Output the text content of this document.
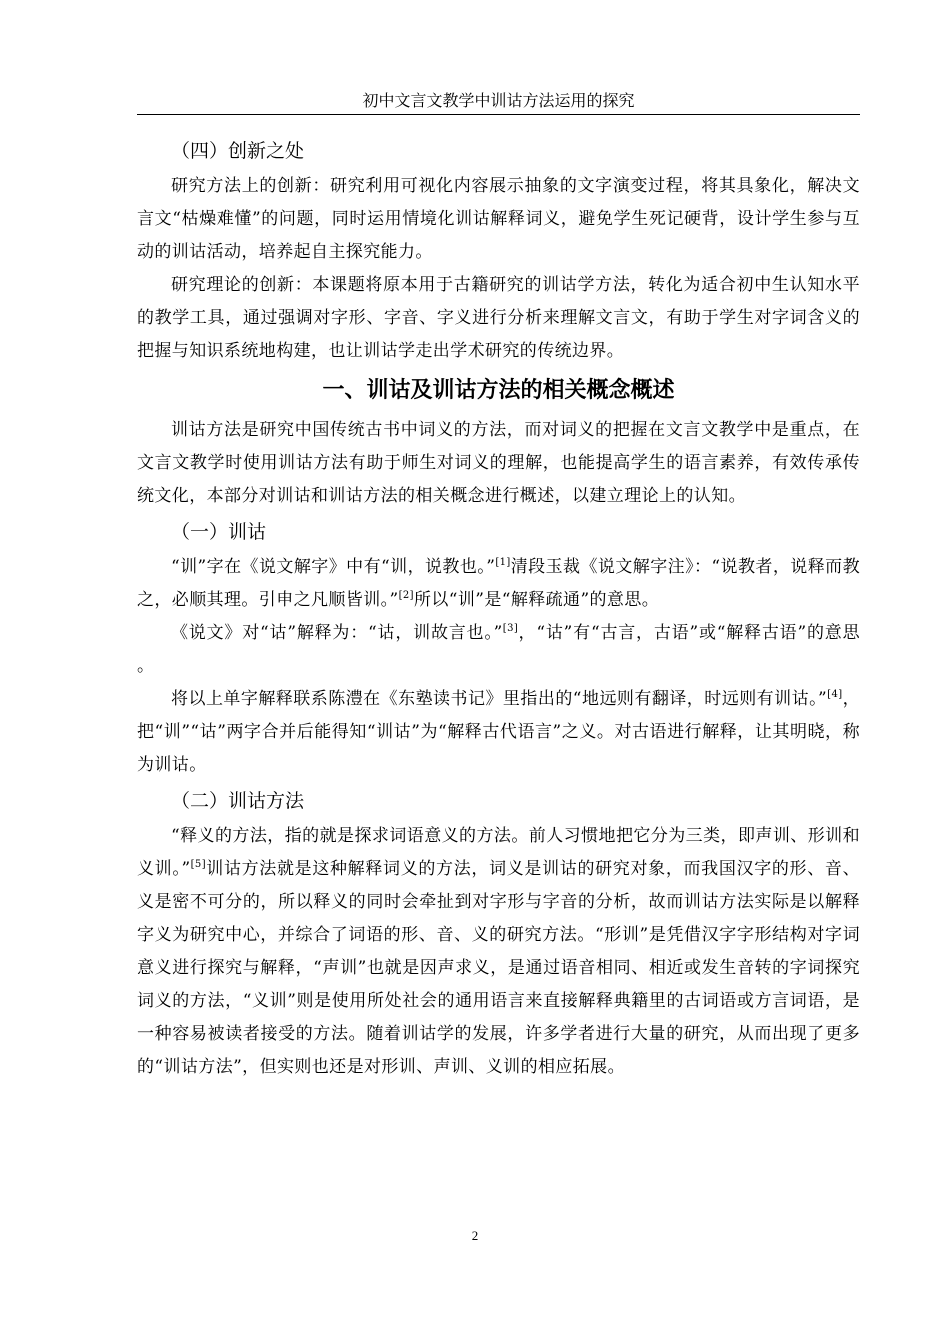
初中文言文教学中训诂方法运用的探究

（四）创新之处

研究方法上的创新：研究利用可视化内容展示抽象的文字演变过程，将其具象化，解决文言文“枯燥难懂”的问题，同时运用情境化训诂解释词义，避免学生死记硬背，设计学生参与互动的训诂活动，培养起自主探究能力。

研究理论的创新：本课题将原本用于古籍研究的训诂学方法，转化为适合初中生认知水平的教学工具，通过强调对字形、字音、字义进行分析来理解文言文，有助于学生对字词含义的把握与知识系统地构建，也让训诂学走出学术研究的传统边界。

一、训诂及训诂方法的相关概念概述

训诂方法是研究中国传统古书中词义的方法，而对词义的把握在文言文教学中是重点，在文言文教学时使用训诂方法有助于师生对词义的理解，也能提高学生的语言素养，有效传承传统文化，本部分对训诂和训诂方法的相关概念进行概述，以建立理论上的认知。

（一）训诂

“训”字在《说文解字》中有“训，说教也。”[1]清段玉裁《说文解字注》：“说教者，说释而教之，必顺其理。引申之凡顺皆训。”[2]所以“训”是“解释疏通”的意思。

《说文》对“诂”解释为：“诂，训故言也。”[3]，“诂”有“古言，古语”或“解释古语”的意思 。

将以上单字解释联系陈澧在《东塾读书记》里指出的“地远则有翻译，时远则有训诂。”[4]，把“训”“诂”两字合并后能得知“训诂”为“解释古代语言”之义。对古语进行解释，让其明晓，称为训诂。

（二）训诂方法

“释义的方法，指的就是探求词语意义的方法。前人习惯地把它分为三类，即声训、形训和义训。”[5]训诂方法就是这种解释词义的方法，词义是训诂的研究对象，而我国汉字的形、音、义是密不可分的，所以释义的同时会牵扯到对字形与字音的分析，故而训诂方法实际是以解释字义为研究中心，并综合了词语的形、音、义的研究方法。“形训”是凭借汉字字形结构对字词意义进行探究与解释，“声训”也就是因声求义，是通过语音相同、相近或发生音转的字词探究词义的方法，“义训”则是使用所处社会的通用语言来直接解释典籍里的古词语或方言词语，是一种容易被读者接受的方法。随着训诂学的发展，许多学者进行大量的研究，从而出现了更多的“训诂方法”，但实则也还是对形训、声训、义训的相应拓展。

2
